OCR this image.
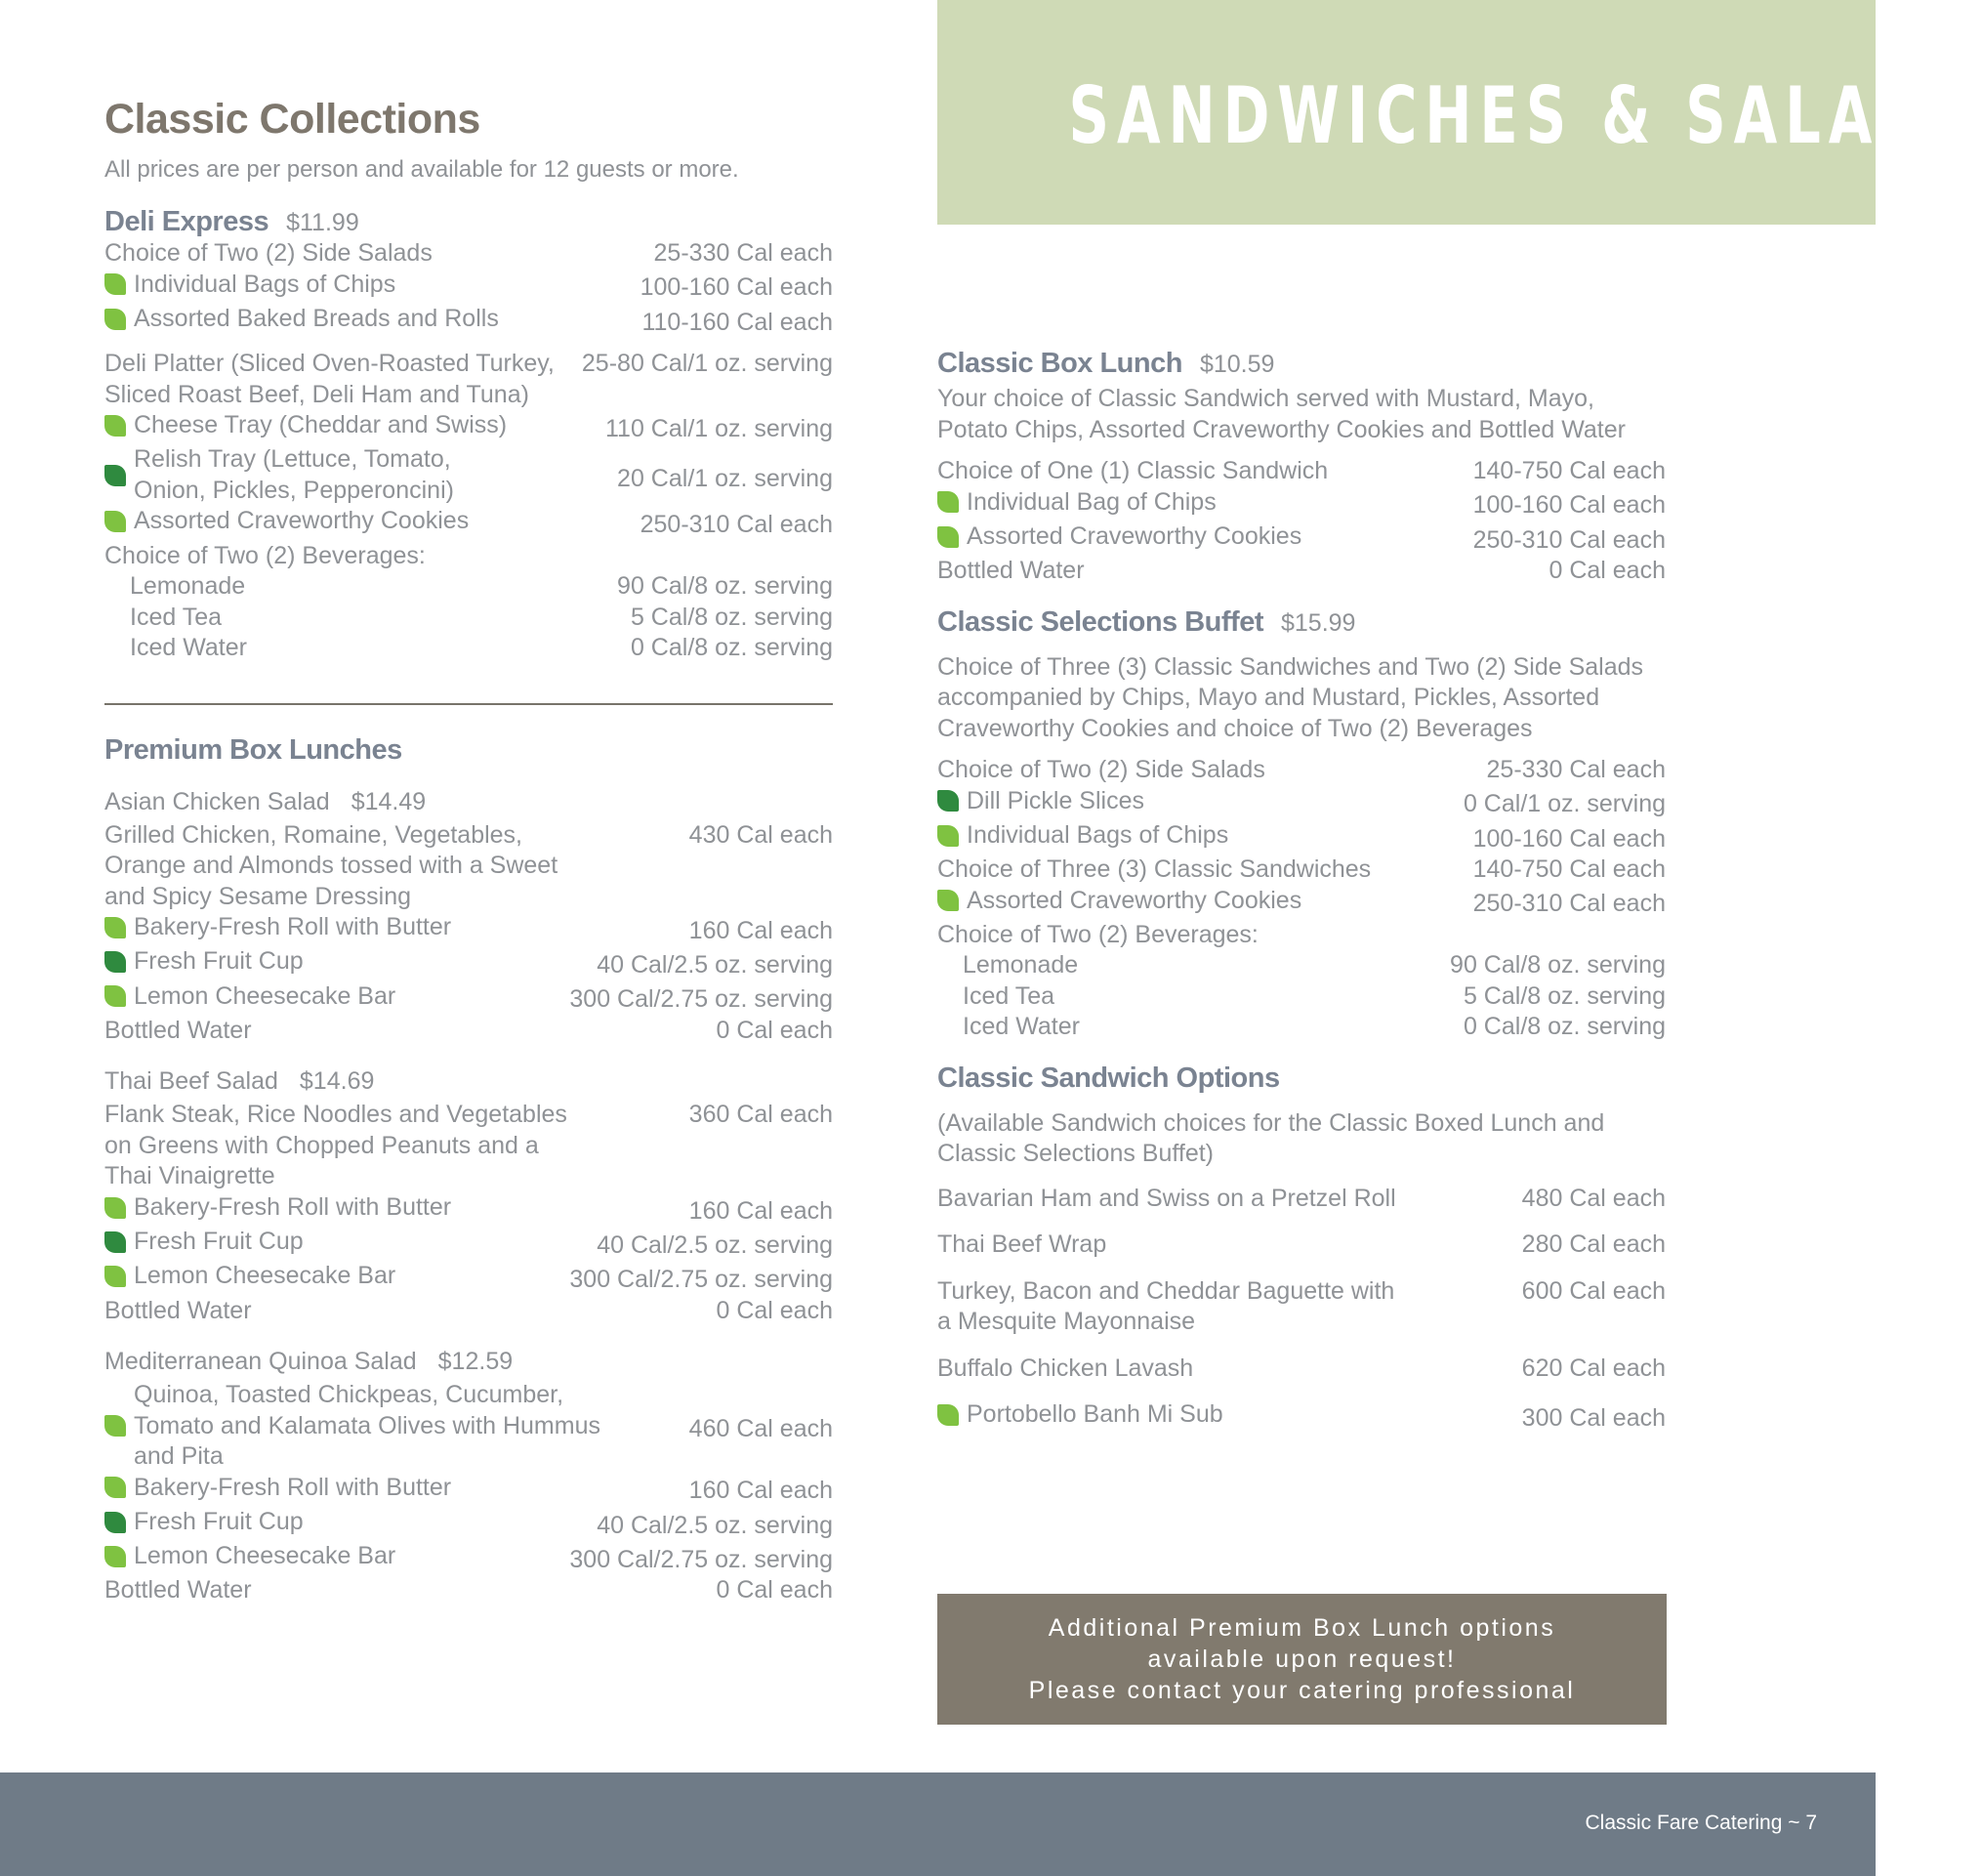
SANDWICHES & SALADS
Classic Collections
All prices are per person and available for 12 guests or more.
Deli Express $11.99
Choice of Two (2) Side Salads	25-330 Cal each
Individual Bags of Chips	100-160 Cal each
Assorted Baked Breads and Rolls	110-160 Cal each
Deli Platter (Sliced Oven-Roasted Turkey,
Sliced Roast Beef, Deli Ham and Tuna)
25-80 Cal/1 oz. serving
Cheese Tray (Cheddar and Swiss)	110 Cal/1 oz. serving
Relish Tray (Lettuce, Tomato,
Onion, Pickles, Pepperoncini)	20 Cal/1 oz. serving
Assorted Craveworthy Cookies	250-310 Cal each
Choice of Two (2) Beverages:
Lemonade	90 Cal/8 oz. serving
Iced Tea	5 Cal/8 oz. serving
Iced Water	0 Cal/8 oz. serving
Premium Box Lunches
Asian Chicken Salad $14.49
Grilled Chicken, Romaine, Vegetables,
Orange and Almonds tossed with a Sweet
and Spicy Sesame Dressing
430 Cal each
Bakery-Fresh Roll with Butter	160 Cal each
Fresh Fruit Cup	40 Cal/2.5 oz. serving
Lemon Cheesecake Bar	300 Cal/2.75 oz. serving
Bottled Water	0 Cal each
Thai Beef Salad $14.69
Flank Steak, Rice Noodles and Vegetables
on Greens with Chopped Peanuts and a
Thai Vinaigrette
360 Cal each
Bakery-Fresh Roll with Butter	160 Cal each
Fresh Fruit Cup	40 Cal/2.5 oz. serving
Lemon Cheesecake Bar	300 Cal/2.75 oz. serving
Bottled Water	0 Cal each
Mediterranean Quinoa Salad $12.59
Quinoa, Toasted Chickpeas, Cucumber,
Tomato and Kalamata Olives with Hummus
and Pita
460 Cal each
Bakery-Fresh Roll with Butter	160 Cal each
Fresh Fruit Cup	40 Cal/2.5 oz. serving
Lemon Cheesecake Bar	300 Cal/2.75 oz. serving
Bottled Water	0 Cal each
Classic Box Lunch $10.59
Your choice of Classic Sandwich served with Mustard, Mayo, Potato Chips, Assorted Craveworthy Cookies and Bottled Water
Choice of One (1) Classic Sandwich	140-750 Cal each
Individual Bag of Chips	100-160 Cal each
Assorted Craveworthy Cookies	250-310 Cal each
Bottled Water	0 Cal each
Classic Selections Buffet $15.99
Choice of Three (3) Classic Sandwiches and Two (2) Side Salads accompanied by Chips, Mayo and Mustard, Pickles, Assorted Craveworthy Cookies and choice of Two (2) Beverages
Choice of Two (2) Side Salads	25-330 Cal each
Dill Pickle Slices	0 Cal/1 oz. serving
Individual Bags of Chips	100-160 Cal each
Choice of Three (3) Classic Sandwiches	140-750 Cal each
Assorted Craveworthy Cookies	250-310 Cal each
Choice of Two (2) Beverages:
Lemonade	90 Cal/8 oz. serving
Iced Tea	5 Cal/8 oz. serving
Iced Water	0 Cal/8 oz. serving
Classic Sandwich Options
(Available Sandwich choices for the Classic Boxed Lunch and Classic Selections Buffet)
Bavarian Ham and Swiss on a Pretzel Roll	480 Cal each
Thai Beef Wrap	280 Cal each
Turkey, Bacon and Cheddar Baguette with
a Mesquite Mayonnaise
600 Cal each
Buffalo Chicken Lavash	620 Cal each
Portobello Banh Mi Sub	300 Cal each
Additional Premium Box Lunch options
available upon request!
Please contact your catering professional
Classic Fare Catering ~ 7
